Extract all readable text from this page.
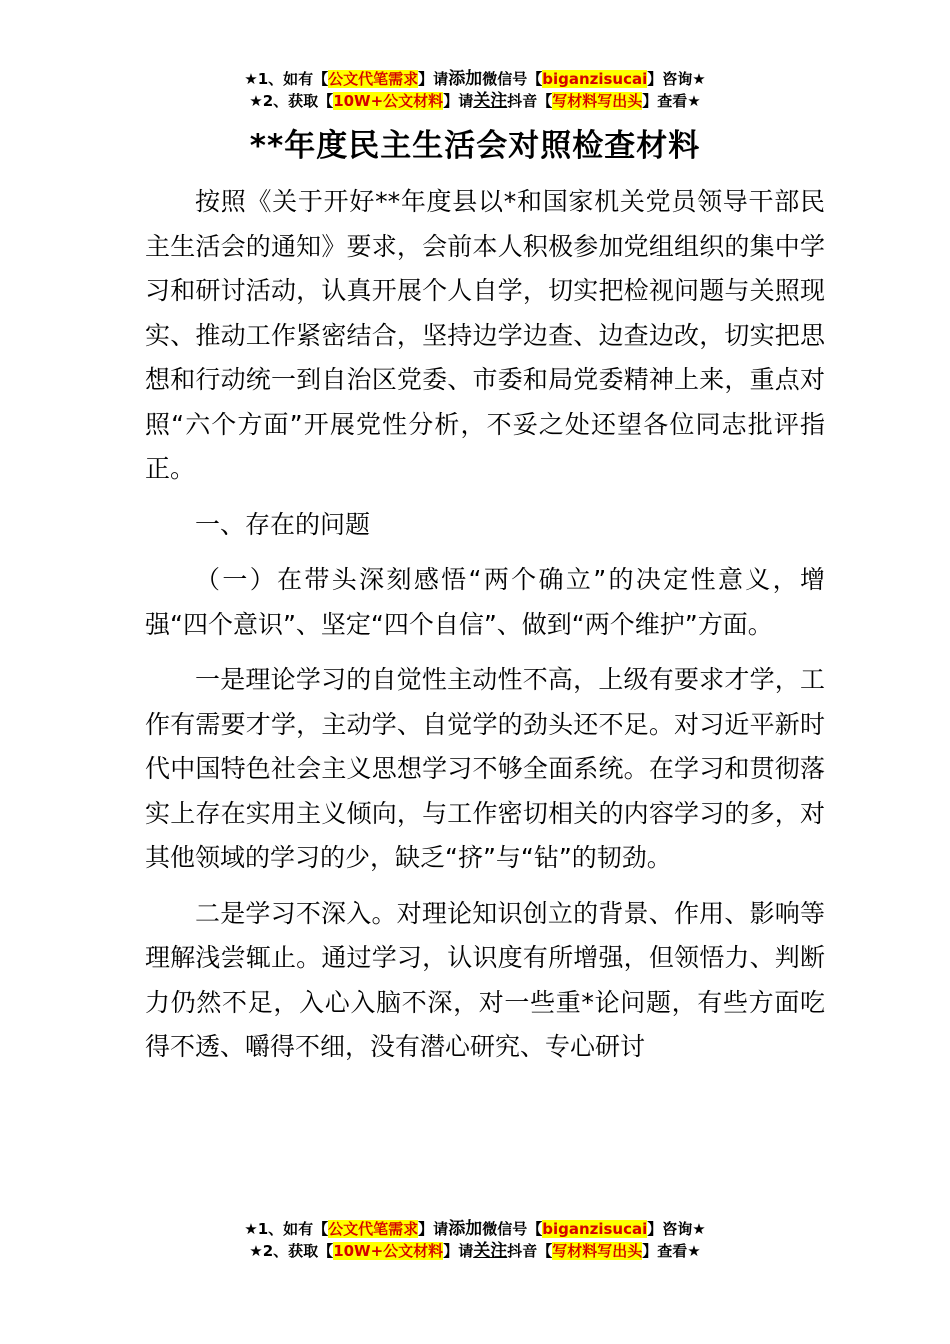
★1、如有【公文代笔需求】请添加微信号【biganzisucai】咨询★
★2、获取【10W+公文材料】请关注抖音【写材料写出头】查看★
**年度民主生活会对照检查材料

按照《关于开好**年度县以*和国家机关党员领导干部民主生活会的通知》要求，会前本人积极参加党组组织的集中学习和研讨活动，认真开展个人自学，切实把检视问题与关照现实、推动工作紧密结合，坚持边学边查、边查边改，切实把思想和行动统一到自治区党委、市委和局党委精神上来，重点对照“六个方面”开展党性分析，不妥之处还望各位同志批评指正。

一、存在的问题

（一）在带头深刻感悟“两个确立”的决定性意义，增强“四个意识”、坚定“四个自信”、做到“两个维护”方面。

一是理论学习的自觉性主动性不高，上级有要求才学，工作有需要才学，主动学、自觉学的劲头还不足。对习近平新时代中国特色社会主义思想学习不够全面系统。在学习和贯彻落实上存在实用主义倾向，与工作密切相关的内容学习的多，对其他领域的学习的少，缺乏“挤”与“钻”的韧劲。

二是学习不深入。对理论知识创立的背景、作用、影响等理解浅尝辄止。通过学习，认识度有所增强，但领悟力、判断力仍然不足，入心入脑不深，对一些重*论问题，有些方面吃得不透、嚼得不细，没有潜心研究、专心研讨

★1、如有【公文代笔需求】请添加微信号【biganzisucai】咨询★
★2、获取【10W+公文材料】请关注抖音【写材料写出头】查看★
